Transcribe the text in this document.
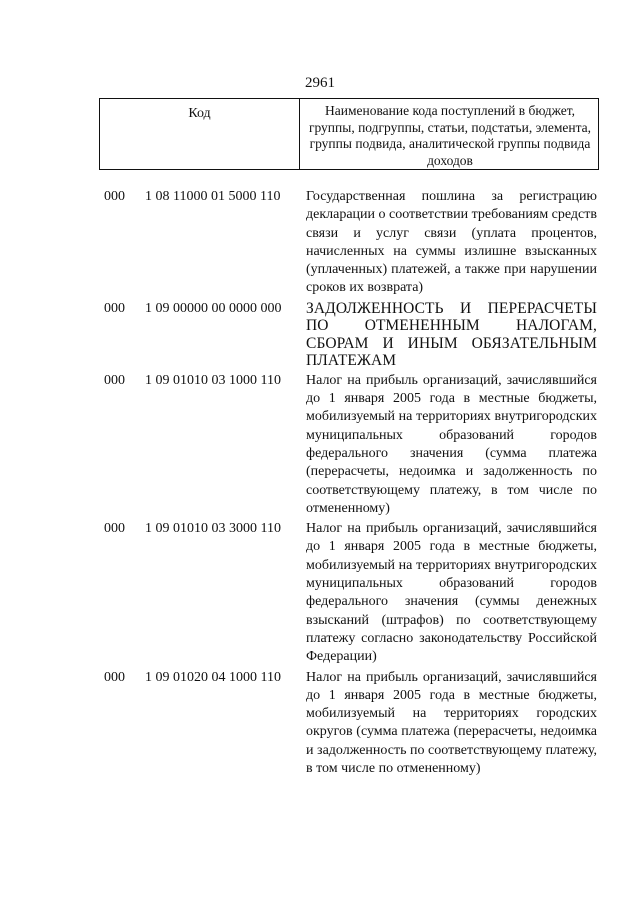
2961
Код	Наименование кода поступлений в бюджет, группы, подгруппы, статьи, подстатьи, элемента, группы подвида, аналитической группы подвида доходов
000 1 08 11000 01 5000 110 Государственная пошлина за регистрацию декларации о соответствии требованиям средств связи и услуг связи (уплата процентов, начисленных на суммы излишне взысканных (уплаченных) платежей, а также при нарушении сроков их возврата)
000 1 09 00000 00 0000 000 ЗАДОЛЖЕННОСТЬ И ПЕРЕРАСЧЕТЫ ПО ОТМЕНЕННЫМ НАЛОГАМ, СБОРАМ И ИНЫМ ОБЯЗАТЕЛЬНЫМ ПЛАТЕЖАМ
000 1 09 01010 03 1000 110 Налог на прибыль организаций, зачислявшийся до 1 января 2005 года в местные бюджеты, мобилизуемый на территориях внутригородских муниципальных образований городов федерального значения (сумма платежа (перерасчеты, недоимка и задолженность по соответствующему платежу, в том числе по отмененному)
000 1 09 01010 03 3000 110 Налог на прибыль организаций, зачислявшийся до 1 января 2005 года в местные бюджеты, мобилизуемый на территориях внутригородских муниципальных образований городов федерального значения (суммы денежных взысканий (штрафов) по соответствующему платежу согласно законодательству Российской Федерации)
000 1 09 01020 04 1000 110 Налог на прибыль организаций, зачислявшийся до 1 января 2005 года в местные бюджеты, мобилизуемый на территориях городских округов (сумма платежа (перерасчеты, недоимка и задолженность по соответствующему платежу, в том числе по отмененному)
